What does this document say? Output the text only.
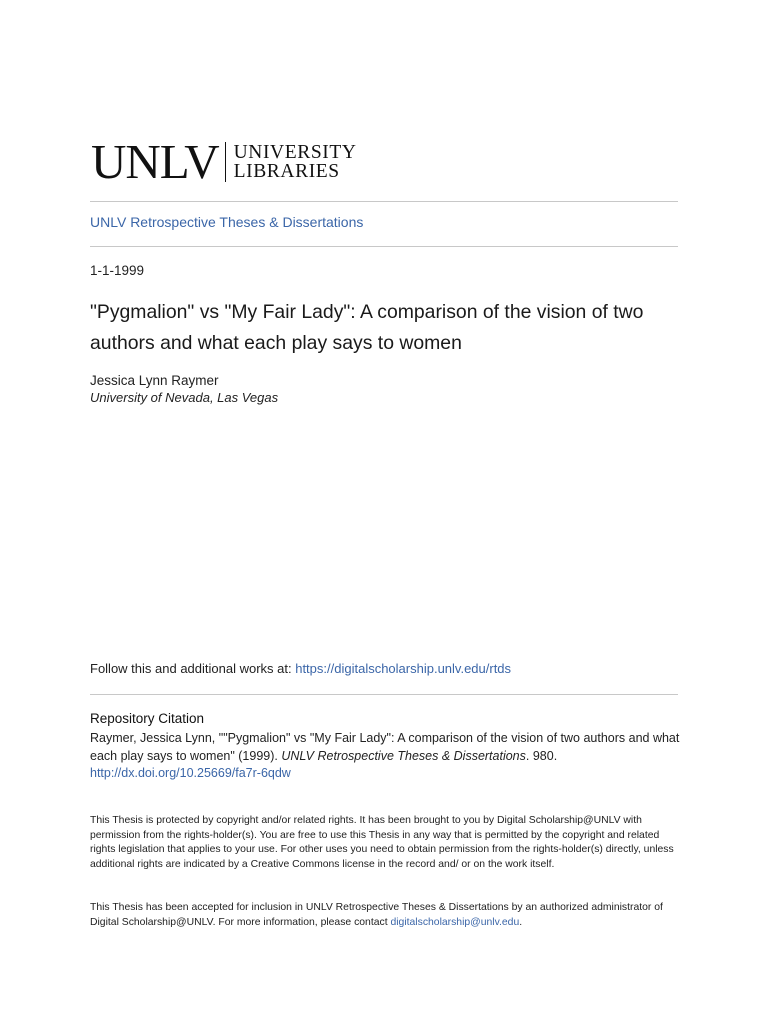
UNLV UNIVERSITY
LIBRARIES
UNLV Retrospective Theses & Dissertations
1-1-1999
"Pygmalion" vs "My Fair Lady": A comparison of the vision of two authors and what each play says to women
Jessica Lynn Raymer
University of Nevada, Las Vegas
Follow this and additional works at: https://digitalscholarship.unlv.edu/rtds
Repository Citation
Raymer, Jessica Lynn, ""Pygmalion" vs "My Fair Lady": A comparison of the vision of two authors and what each play says to women" (1999). UNLV Retrospective Theses & Dissertations. 980.
http://dx.doi.org/10.25669/fa7r-6qdw
This Thesis is protected by copyright and/or related rights. It has been brought to you by Digital Scholarship@UNLV with permission from the rights-holder(s). You are free to use this Thesis in any way that is permitted by the copyright and related rights legislation that applies to your use. For other uses you need to obtain permission from the rights-holder(s) directly, unless additional rights are indicated by a Creative Commons license in the record and/ or on the work itself.
This Thesis has been accepted for inclusion in UNLV Retrospective Theses & Dissertations by an authorized administrator of Digital Scholarship@UNLV. For more information, please contact digitalscholarship@unlv.edu.
